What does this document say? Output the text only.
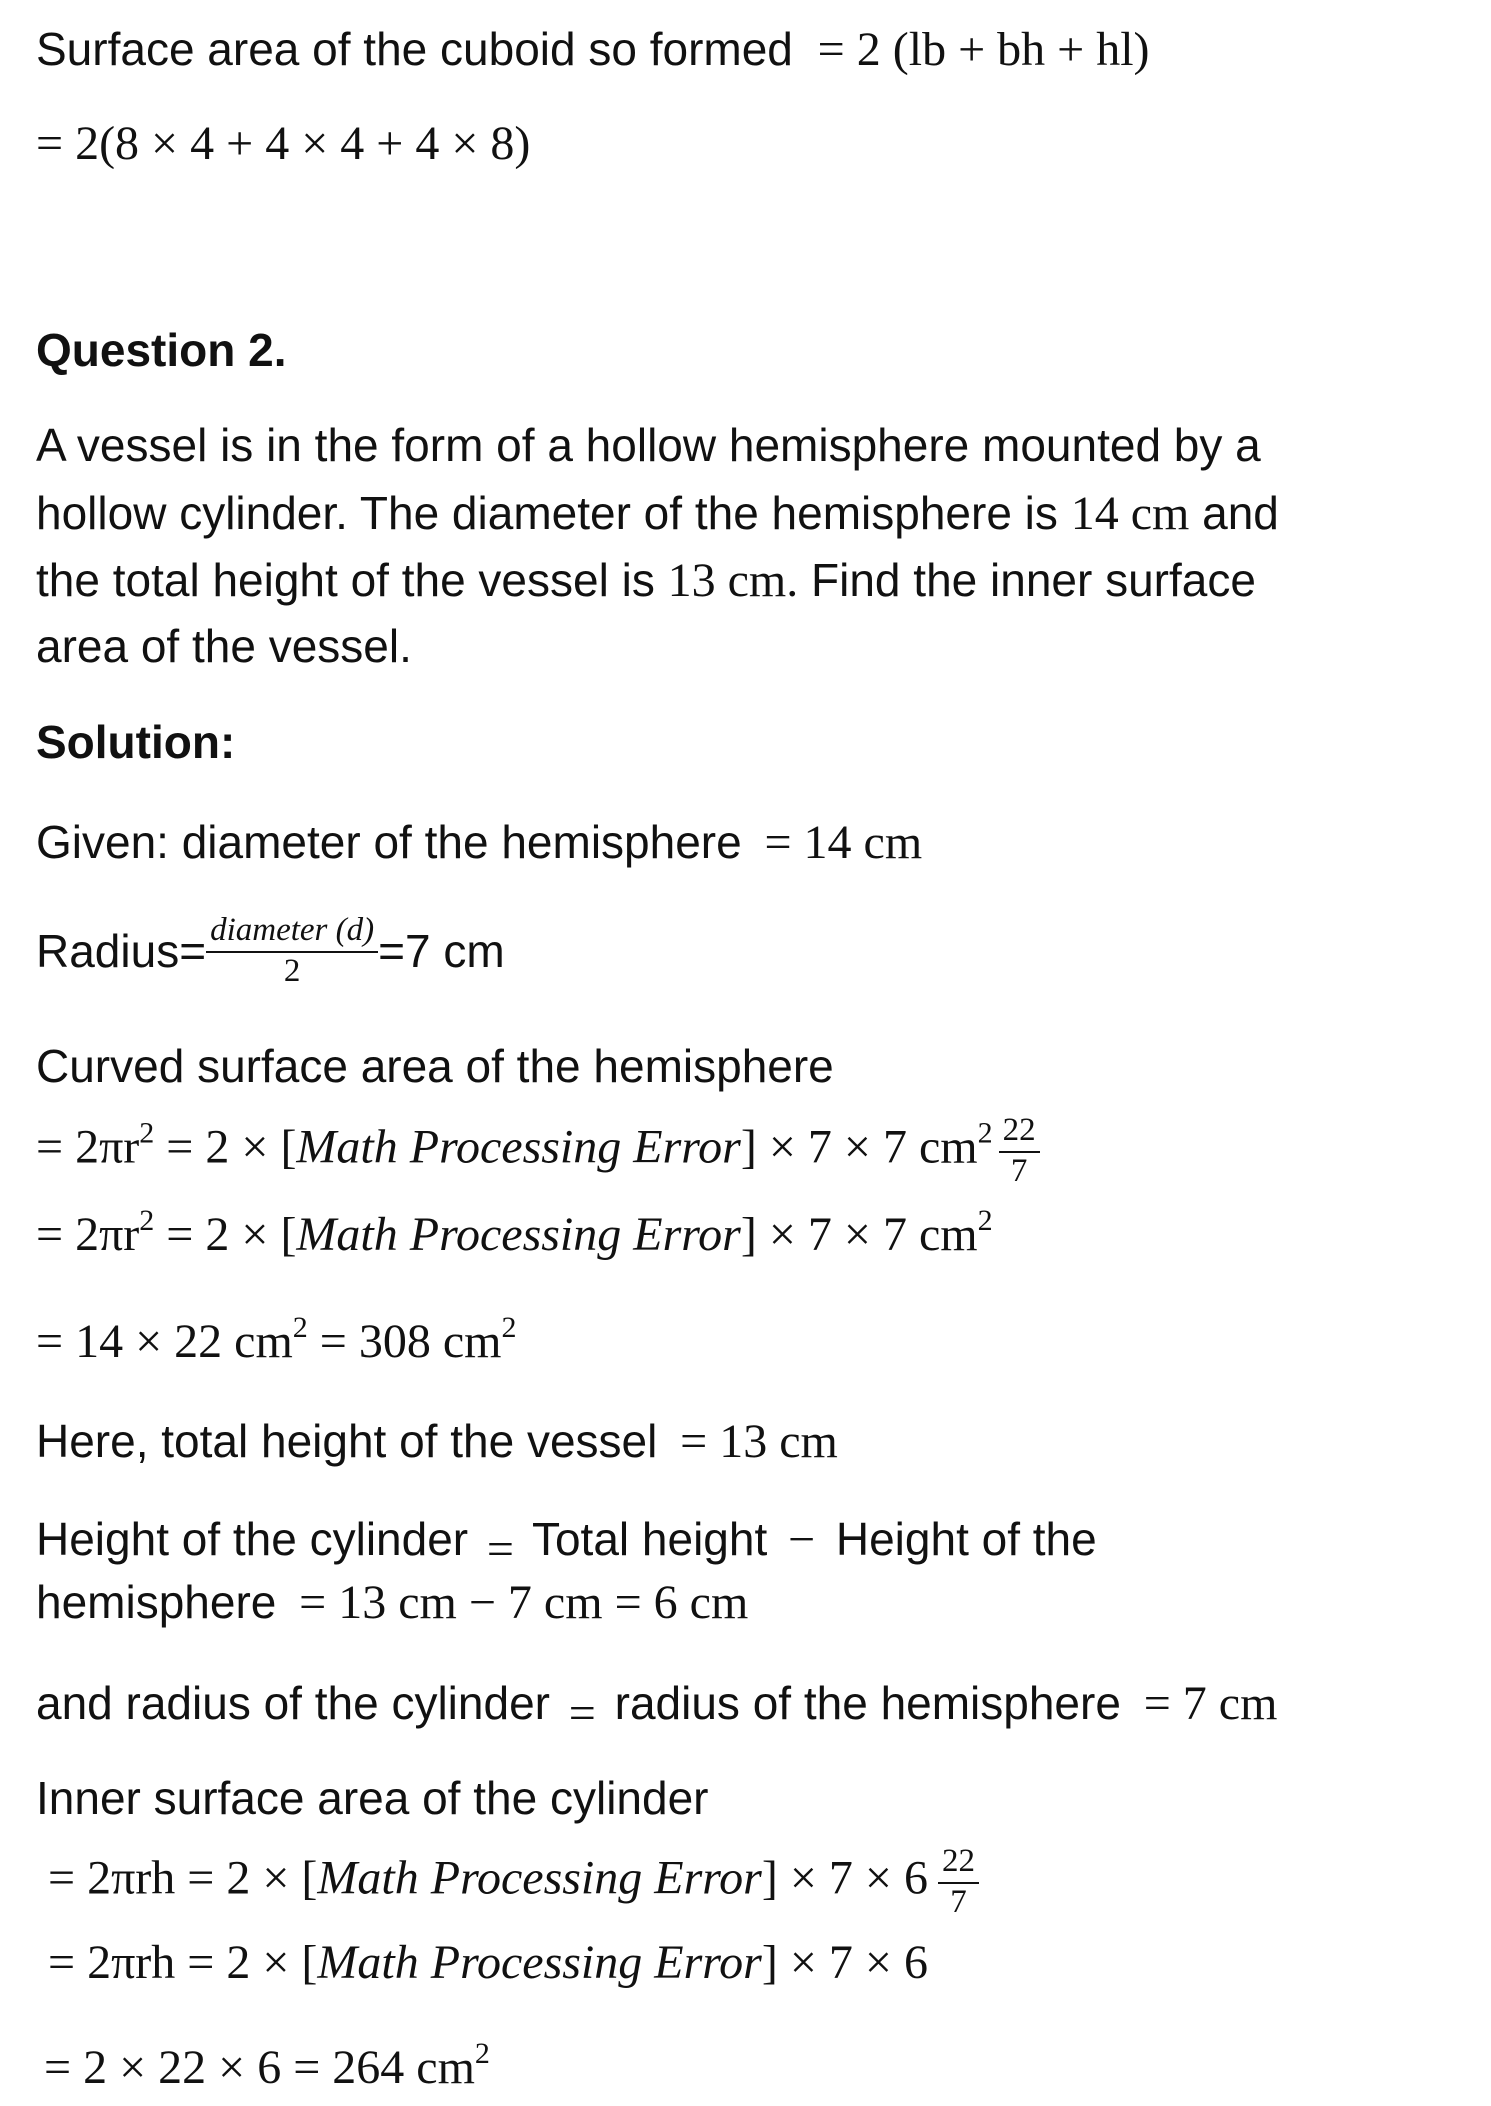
Surface area of the cuboid so formed = 2 (lb + bh + hl)
= 2(8 × 4 + 4 × 4 + 4 × 8)
Question 2.
A vessel is in the form of a hollow hemisphere mounted by a
hollow cylinder. The diameter of the hemisphere is 14 cm and
the total height of the vessel is 13 cm. Find the inner surface
area of the vessel.
Solution:
Given: diameter of the hemisphere = 14 cm
Radius= $\frac{\text{diameter (d)}}{2} =7$ cm
Curved surface area of the hemisphere
= $2\pi r^2 = 2$ × [Math Processing Error] × 7 × 7 $cm^2 \frac{22}{7}$
= $2\pi r^2 = 2$ × [Math Processing Error] × 7 × 7 $cm^2$
= 14 × 22 $cm^2 = 308$ $cm^2$
Here, total height of the vessel = 13 cm
Height of the cylinder = Total height − Height of the
hemisphere = 13 cm − 7 cm = 6 cm
and radius of the cylinder = radius of the hemisphere = 7 cm
Inner surface area of the cylinder
= 2πrh = 2 × [Math Processing Error] × $7 \times 6 \frac{22}{7}$
= 2πrh = 2 × [Math Processing Error] × 7 × 6
= 2 × 22 × 6 = 264 $cm^2$
